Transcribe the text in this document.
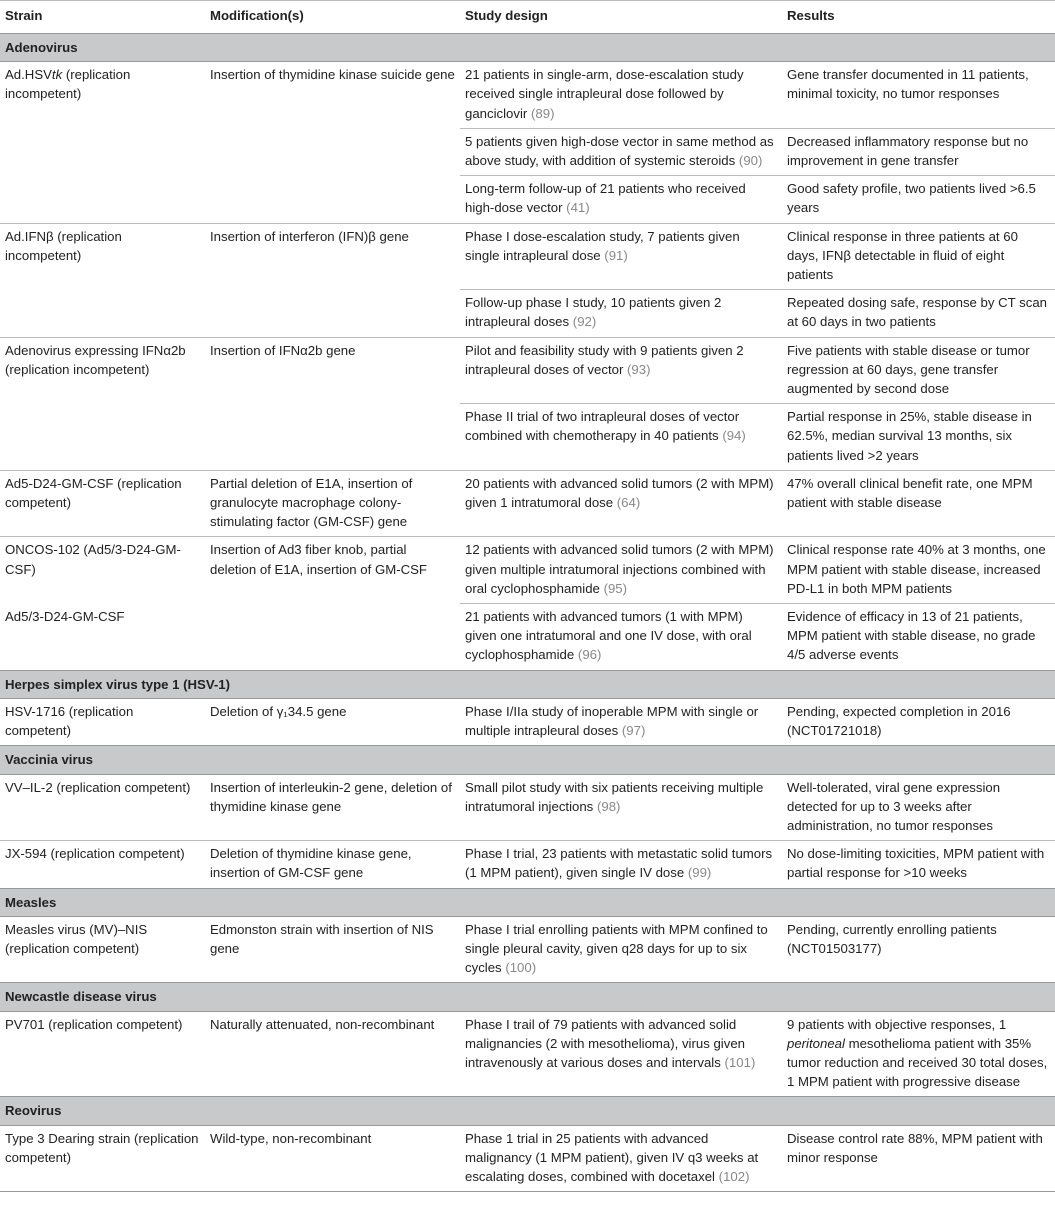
Strain	Modification(s)	Study design	Results
Adenovirus			
Ad.HSVtk (replication incompetent)	Insertion of thymidine kinase suicide gene	21 patients in single-arm, dose-escalation study received single intrapleural dose followed by ganciclovir ( 89 )	Gene transfer documented in 11 patients, minimal toxicity, no tumor responses
		5 patients given high-dose vector in same method as above study, with addition of systemic steroids ( 90 )	Decreased inflammatory response but no improvement in gene transfer
		Long-term follow-up of 21 patients who received high-dose vector ( 41 )	Good safety profile, two patients lived >6.5 years
Ad.IFNβ (replication incompetent)	Insertion of interferon (IFN)β gene	Phase I dose-escalation study, 7 patients given single intrapleural dose ( 91 )	Clinical response in three patients at 60 days, IFNβ detectable in fluid of eight patients
		Follow-up phase I study, 10 patients given 2 intrapleural doses ( 92 )	Repeated dosing safe, response by CT scan at 60 days in two patients
Adenovirus expressing IFNα2b (replication incompetent)	Insertion of IFNα2b gene	Pilot and feasibility study with 9 patients given 2 intrapleural doses of vector ( 93 )	Five patients with stable disease or tumor regression at 60 days, gene transfer augmented by second dose
		Phase II trial of two intrapleural doses of vector combined with chemotherapy in 40 patients ( 94 )	Partial response in 25%, stable disease in 62.5%, median survival 13 months, six patients lived >2 years
Ad5-D24-GM-CSF (replication competent)	Partial deletion of E1A, insertion of granulocyte macrophage colony-stimulating factor (GM-CSF) gene	20 patients with advanced solid tumors (2 with MPM) given 1 intratumoral dose ( 64 )	47% overall clinical benefit rate, one MPM patient with stable disease
ONCOS-102 (Ad5/3-D24-GM-CSF)	Insertion of Ad3 fiber knob, partial deletion of E1A, insertion of GM-CSF	12 patients with advanced solid tumors (2 with MPM) given multiple intratumoral injections combined with oral cyclophosphamide ( 95 )	Clinical response rate 40% at 3 months, one MPM patient with stable disease, increased PD-L1 in both MPM patients
Ad5/3-D24-GM-CSF		21 patients with advanced tumors (1 with MPM) given one intratumoral and one IV dose, with oral cyclophosphamide ( 96 )	Evidence of efficacy in 13 of 21 patients, MPM patient with stable disease, no grade 4/5 adverse events
Herpes simplex virus type 1 (HSV-1)			
HSV-1716 (replication competent)	Deletion of γ₁34.5 gene	Phase I/IIa study of inoperable MPM with single or multiple intrapleural doses ( 97 )	Pending, expected completion in 2016 (NCT01721018)
Vaccinia virus			
VV–IL-2 (replication competent)	Insertion of interleukin-2 gene, deletion of thymidine kinase gene	Small pilot study with six patients receiving multiple intratumoral injections ( 98 )	Well-tolerated, viral gene expression detected for up to 3 weeks after administration, no tumor responses
JX-594 (replication competent)	Deletion of thymidine kinase gene, insertion of GM-CSF gene	Phase I trial, 23 patients with metastatic solid tumors (1 MPM patient), given single IV dose ( 99 )	No dose-limiting toxicities, MPM patient with partial response for >10 weeks
Measles			
Measles virus (MV)–NIS (replication competent)	Edmonston strain with insertion of NIS gene	Phase I trial enrolling patients with MPM confined to single pleural cavity, given q28 days for up to six cycles ( 100 )	Pending, currently enrolling patients (NCT01503177)
Newcastle disease virus			
PV701 (replication competent)	Naturally attenuated, non-recombinant	Phase I trail of 79 patients with advanced solid malignancies (2 with mesothelioma), virus given intravenously at various doses and intervals ( 101 )	9 patients with objective responses, 1 peritoneal mesothelioma patient with 35% tumor reduction and received 30 total doses, 1 MPM patient with progressive disease
Reovirus			
Type 3 Dearing strain (replication competent)	Wild-type, non-recombinant	Phase 1 trial in 25 patients with advanced malignancy (1 MPM patient), given IV q3 weeks at escalating doses, combined with docetaxel ( 102 )	Disease control rate 88%, MPM patient with minor response
